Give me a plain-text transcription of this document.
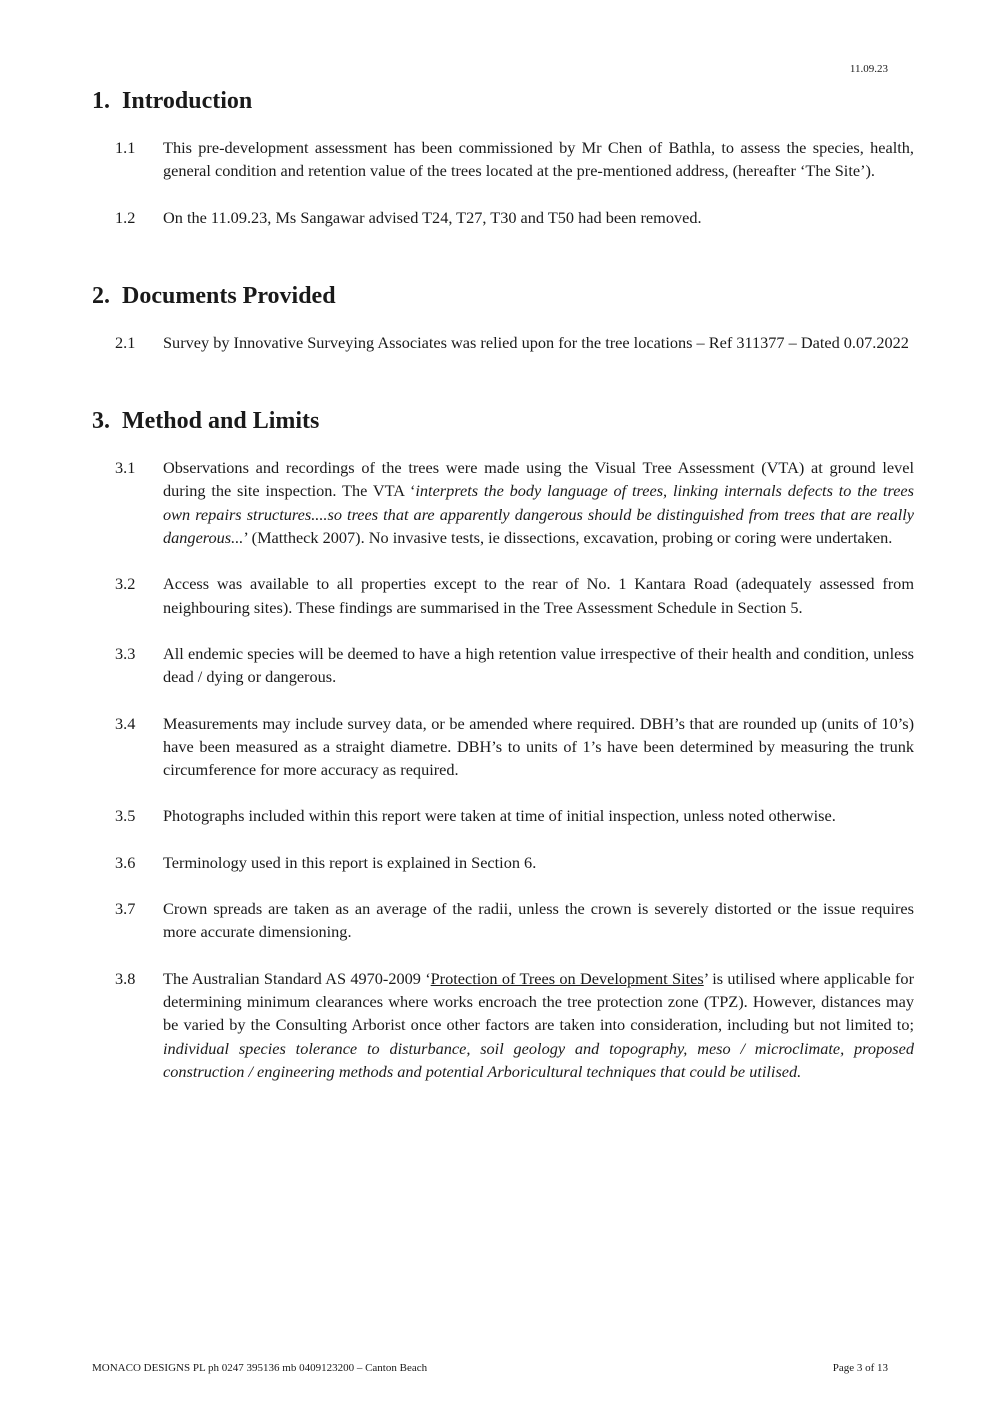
11.09.23
1. Introduction
1.1	This pre-development assessment has been commissioned by Mr Chen of Bathla, to assess the species, health, general condition and retention value of the trees located at the pre-mentioned address, (hereafter ‘The Site’).
1.2	On the 11.09.23, Ms Sangawar advised T24, T27, T30 and T50 had been removed.
2. Documents Provided
2.1	Survey by Innovative Surveying Associates was relied upon for the tree locations – Ref 311377 – Dated 0.07.2022
3. Method and Limits
3.1	Observations and recordings of the trees were made using the Visual Tree Assessment (VTA) at ground level during the site inspection. The VTA ‘interprets the body language of trees, linking internals defects to the trees own repairs structures....so trees that are apparently dangerous should be distinguished from trees that are really dangerous...’ (Mattheck 2007). No invasive tests, ie dissections, excavation, probing or coring were undertaken.
3.2	Access was available to all properties except to the rear of No. 1 Kantara Road (adequately assessed from neighbouring sites). These findings are summarised in the Tree Assessment Schedule in Section 5.
3.3	All endemic species will be deemed to have a high retention value irrespective of their health and condition, unless dead / dying or dangerous.
3.4	Measurements may include survey data, or be amended where required. DBH’s that are rounded up (units of 10’s) have been measured as a straight diametre. DBH’s to units of 1’s have been determined by measuring the trunk circumference for more accuracy as required.
3.5	Photographs included within this report were taken at time of initial inspection, unless noted otherwise.
3.6	Terminology used in this report is explained in Section 6.
3.7	Crown spreads are taken as an average of the radii, unless the crown is severely distorted or the issue requires more accurate dimensioning.
3.8	The Australian Standard AS 4970-2009 ‘Protection of Trees on Development Sites’ is utilised where applicable for determining minimum clearances where works encroach the tree protection zone (TPZ). However, distances may be varied by the Consulting Arborist once other factors are taken into consideration, including but not limited to; individual species tolerance to disturbance, soil geology and topography, meso / microclimate, proposed construction / engineering methods and potential Arboricultural techniques that could be utilised.
MONACO DESIGNS PL ph 0247 395136 mb 0409123200 – Canton Beach	Page 3 of 13
